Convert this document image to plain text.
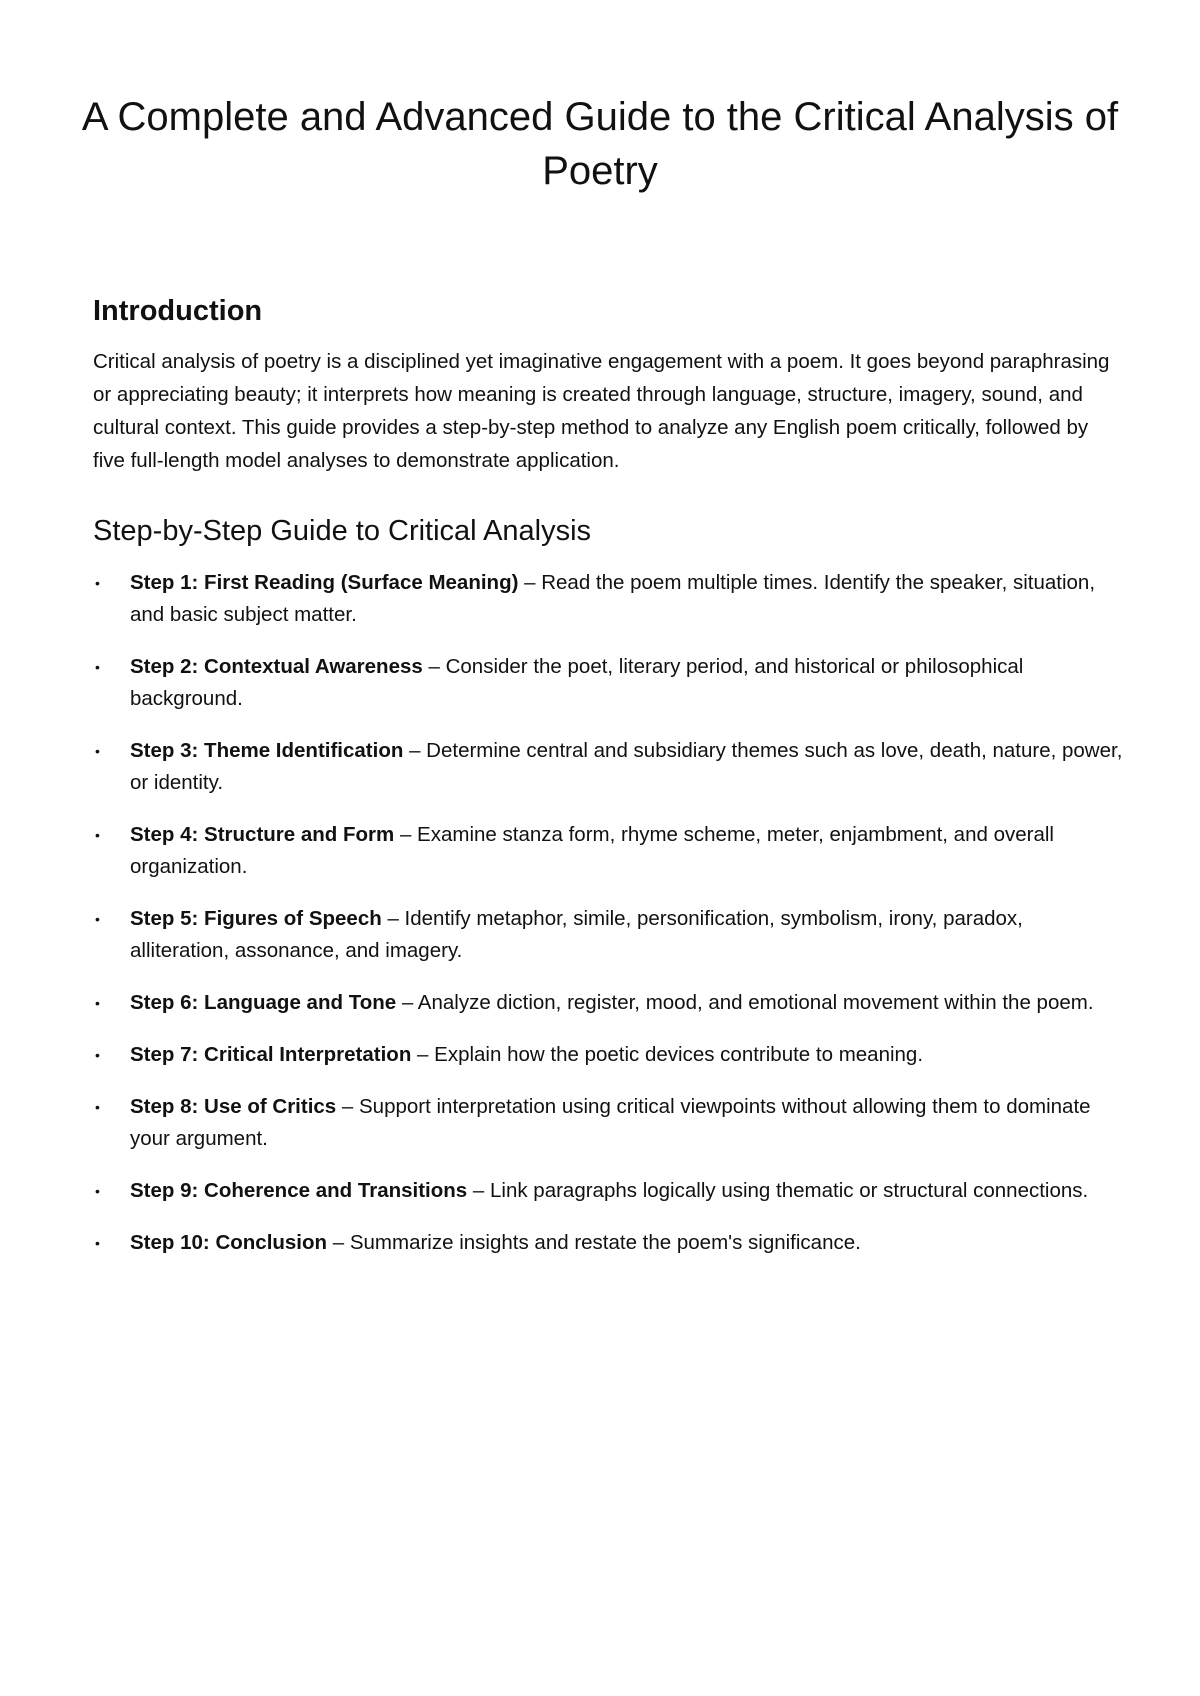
A Complete and Advanced Guide to the Critical Analysis of Poetry
Introduction

Critical analysis of poetry is a disciplined yet imaginative engagement with a poem. It goes beyond paraphrasing or appreciating beauty; it interprets how meaning is created through language, structure, imagery, sound, and cultural context. This guide provides a step-by-step method to analyze any English poem critically, followed by five full-length model analyses to demonstrate application.

Step-by-Step Guide to Critical Analysis
• Step 1: First Reading (Surface Meaning) – Read the poem multiple times. Identify the speaker, situation, and basic subject matter.
• Step 2: Contextual Awareness – Consider the poet, literary period, and historical or philosophical background.
• Step 3: Theme Identification – Determine central and subsidiary themes such as love, death, nature, power, or identity.
• Step 4: Structure and Form – Examine stanza form, rhyme scheme, meter, enjambment, and overall organization.
• Step 5: Figures of Speech – Identify metaphor, simile, personification, symbolism, irony, paradox, alliteration, assonance, and imagery.
• Step 6: Language and Tone – Analyze diction, register, mood, and emotional movement within the poem.
• Step 7: Critical Interpretation – Explain how the poetic devices contribute to meaning.
• Step 8: Use of Critics – Support interpretation using critical viewpoints without allowing them to dominate your argument.
• Step 9: Coherence and Transitions – Link paragraphs logically using thematic or structural connections.
• Step 10: Conclusion – Summarize insights and restate the poem's significance.
